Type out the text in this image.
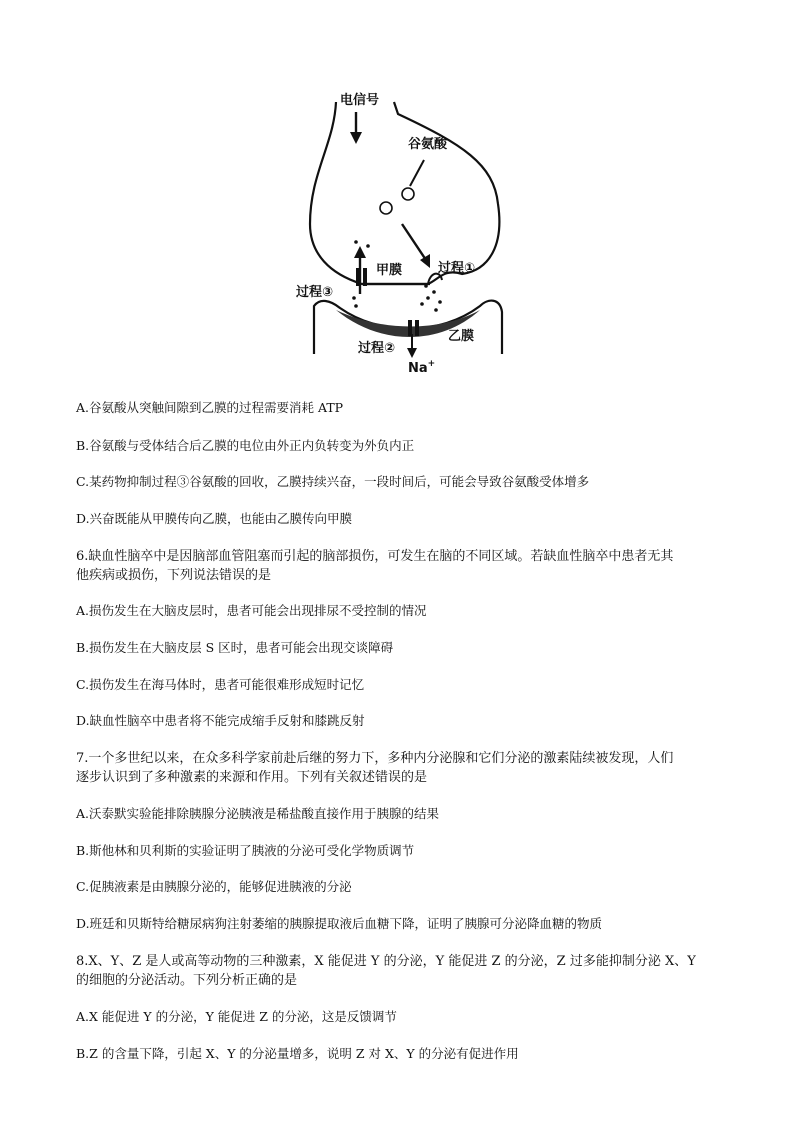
电信号
谷氨酸
过程①
甲膜
过程③
乙膜
过程②
Na+
A.谷氨酸从突触间隙到乙膜的过程需要消耗 ATP
B.谷氨酸与受体结合后乙膜的电位由外正内负转变为外负内正
C.某药物抑制过程③谷氨酸的回收，乙膜持续兴奋，一段时间后，可能会导致谷氨酸受体增多
D.兴奋既能从甲膜传向乙膜，也能由乙膜传向甲膜
6.缺血性脑卒中是因脑部血管阻塞而引起的脑部损伤，可发生在脑的不同区域。若缺血性脑卒中患者无其
他疾病或损伤，下列说法错误的是
A.损伤发生在大脑皮层时，患者可能会出现排尿不受控制的情况
B.损伤发生在大脑皮层 S 区时，患者可能会出现交谈障碍
C.损伤发生在海马体时，患者可能很难形成短时记忆
D.缺血性脑卒中患者将不能完成缩手反射和膝跳反射
7.一个多世纪以来，在众多科学家前赴后继的努力下，多种内分泌腺和它们分泌的激素陆续被发现，人们
逐步认识到了多种激素的来源和作用。下列有关叙述错误的是
A.沃泰默实验能排除胰腺分泌胰液是稀盐酸直接作用于胰腺的结果
B.斯他林和贝利斯的实验证明了胰液的分泌可受化学物质调节
C.促胰液素是由胰腺分泌的，能够促进胰液的分泌
D.班廷和贝斯特给糖尿病狗注射萎缩的胰腺提取液后血糖下降，证明了胰腺可分泌降血糖的物质
8.X、Y、Z 是人或高等动物的三种激素，X 能促进 Y 的分泌，Y 能促进 Z 的分泌，Z 过多能抑制分泌 X、Y
的细胞的分泌活动。下列分析正确的是
A.X 能促进 Y 的分泌，Y 能促进 Z 的分泌，这是反馈调节
B.Z 的含量下降，引起 X、Y 的分泌量增多，说明 Z 对 X、Y 的分泌有促进作用
